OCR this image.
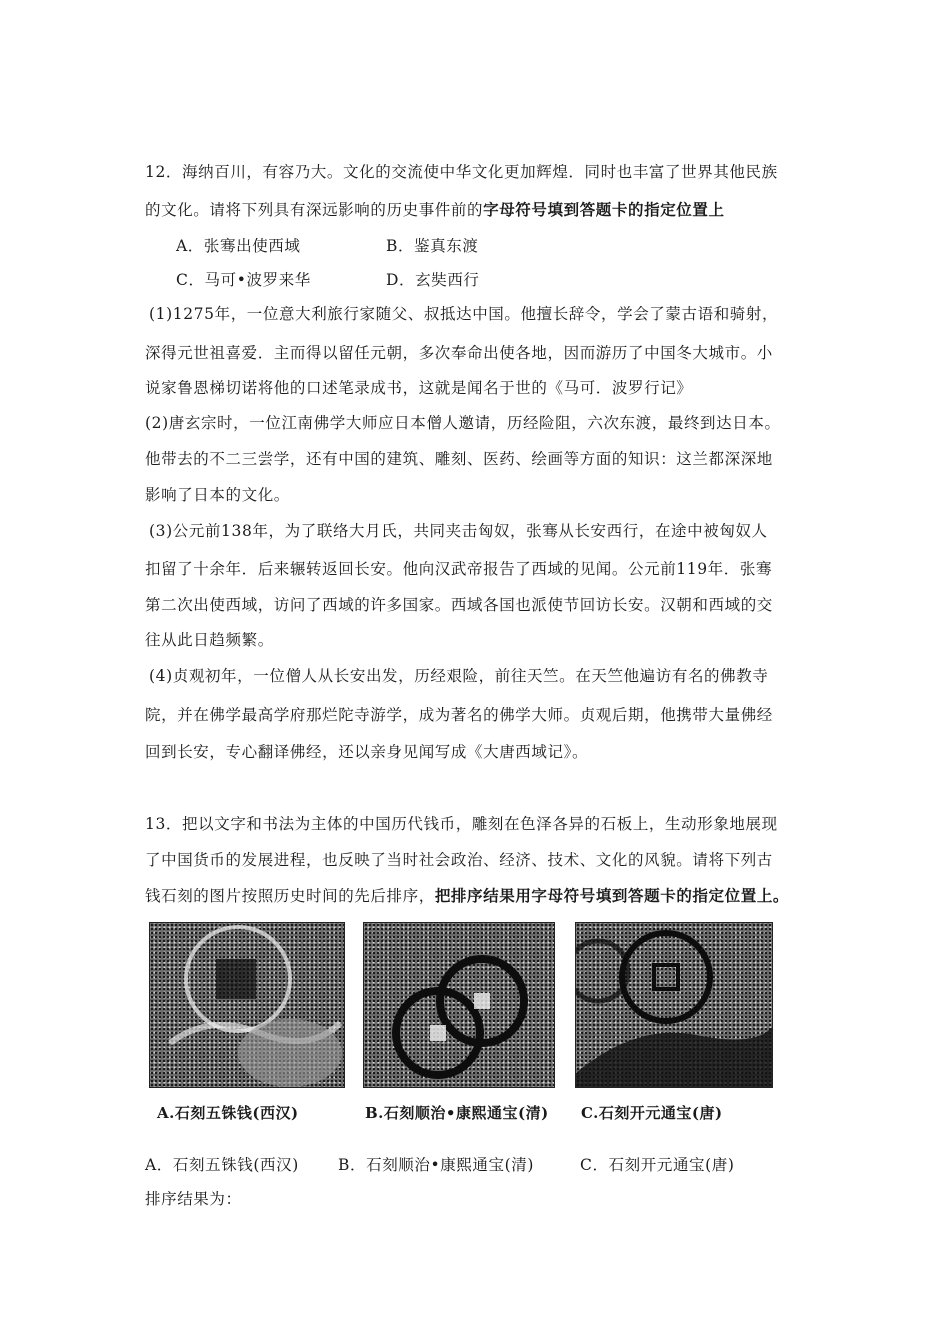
12．海纳百川，有容乃大。文化的交流使中华文化更加辉煌．同时也丰富了世界其他民族
的文化。请将下列具有深远影响的历史事件前的字母符号填到答题卡的指定位置上
A．张骞出使西域	B．鉴真东渡
C．马可•波罗来华	D．玄奘西行
(1)1275年，一位意大利旅行家随父、叔抵达中国。他擅长辞令，学会了蒙古语和骑射，
深得元世祖喜爱．主而得以留任元朝，多次奉命出使各地，因而游历了中国冬大城市。小
说家鲁恩梯切诺将他的口述笔录成书，这就是闻名于世的《马可．波罗行记》
(2)唐玄宗时，一位江南佛学大师应日本僧人邀请，历经险阻，六次东渡，最终到达日本。
他带去的不二三尝学，还有中国的建筑、雕刻、医药、绘画等方面的知识：这兰都深深地
影响了日本的文化。
(3)公元前138年，为了联络大月氏，共同夹击匈奴，张骞从长安西行，在途中被匈奴人
扣留了十余年．后来辗转返回长安。他向汉武帝报告了西域的见闻。公元前119年．张骞
第二次出使西域，访问了西域的许多国家。西域各国也派使节回访长安。汉朝和西域的交
往从此日趋频繁。
(4)贞观初年，一位僧人从长安出发，历经艰险，前往天竺。在天竺他遍访有名的佛教寺
院，并在佛学最高学府那烂陀寺游学，成为著名的佛学大师。贞观后期，他携带大量佛经
回到长安，专心翻译佛经，还以亲身见闻写成《大唐西域记》。
13．把以文字和书法为主体的中国历代钱币，雕刻在色泽各异的石板上，生动形象地展现
了中国货币的发展进程，也反映了当时社会政治、经济、技术、文化的风貌。请将下列古
钱石刻的图片按照历史时间的先后排序，把排序结果用字母符号填到答题卡的指定位置上。
A.石刻五铢钱(西汉)	B.石刻顺治•康熙通宝(清) C.石刻开元通宝(唐)
A．石刻五铢钱(西汉)	B．石刻顺治•康熙通宝(清)	C．石刻开元通宝(唐)
排序结果为：
